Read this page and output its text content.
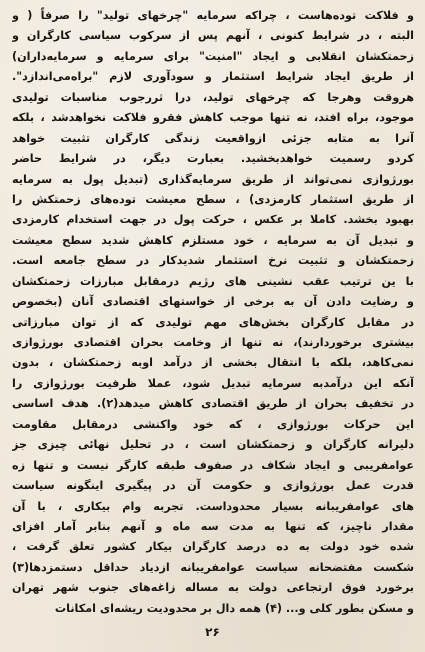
و فلاکت توده‌هاست ، چراکه سرمایه "چرخهای تولید" را صرفاً ( و
البته ، در شرایط کنونی ، آنهم پس از سرکوب سیاسی کارگران و
زحمتکشان انقلابی و ایجاد "امنیت" برای سرمایه و سرمایه‌داران)
از طریق ایجاد شرایط استثمار و سودآوری لازم "براه‌می‌اندازد".
هروقت وهرجا که چرخهای تولید، درا ثررجوب مناسبات تولیدی
موجود، براه افتد، نه تنها موجب کاهش فقرو فلاکت نخواهدشد ، بلکه
آنرا به متابه جزئی ازواقعیت زندگی کارگران تثبیت خواهد
کردو رسمیت خواهدبخشید. بعبارت دیگر، در شرایط حاضر
بورژوازی نمی‌تواند از طریق سرمایه‌گذاری (تبدیل پول به سرمایه
از طریق استثمار کارمزدی) ، سطح معیشت توده‌های زحمتکش را
بهبود بخشد. کاملا بر عکس ، حرکت پول در جهت استخدام کارمزدی
و تبدیل آن به سرمایه ، خود مستلزم کاهش شدید سطح معیشت
زحمتکشان و تثبیت نرخ استثمار شدیدکار در سطح جامعه است.
با ین ترتیب عقب نشینی های رژیم درمقابل مبارزات زحمتکشان
و رضایت دادن آن به برخی از خواستهای اقتصادی آنان (بخصوص
در مقابل کارگران بخش‌های مهم تولیدی که از توان مبارزاتی
بیشتری برخوردارند)، نه تنها از وخامت بحران اقتصادی بورژوازی
نمی‌کاهد، بلکه با انتقال بخشی از درآمد اوبه زحمتکشان ، بدون
آنکه این درآمدبه سرمایه تبدیل شود، عملا ظرفیت بورژوازی را
در تخفیف بحران از طریق اقتصادی کاهش میدهد(۲). هدف اساسی
این حرکات بورژوازی ، که خود واکنشی درمقابل مقاومت
دلیرانه کارگران و زحمتکشان است ، در تحلیل نهائی چیزی جز
عوامفریبی و ایجاد شکاف در صفوف طبقه کارگر نیست و تنها زه
قدرت عمل بورژوازی و حکومت آن در پیگیری اینگونه سیاست
های عوامفریبانه بسیار محدوداست. تجربه وام بیکاری ، با آن
مقدار ناچیز، که تنها به مدت سه ماه و آنهم بنابر آمار افزای
شده خود دولت به ده درصد کارگران بیکار کشور تعلق گرفت ،
شکست مفتضحانه سیاست عوامفریبانه ازدیاد حداقل دستمزدها(۳)
برخورد فوق ارتجاعی دولت به مساله زاغه‌های جنوب شهر تهران
و مسکن بطور کلی و... (۴) همه دال بر محدودیت ریشه‌ای امکانات
۲۶
